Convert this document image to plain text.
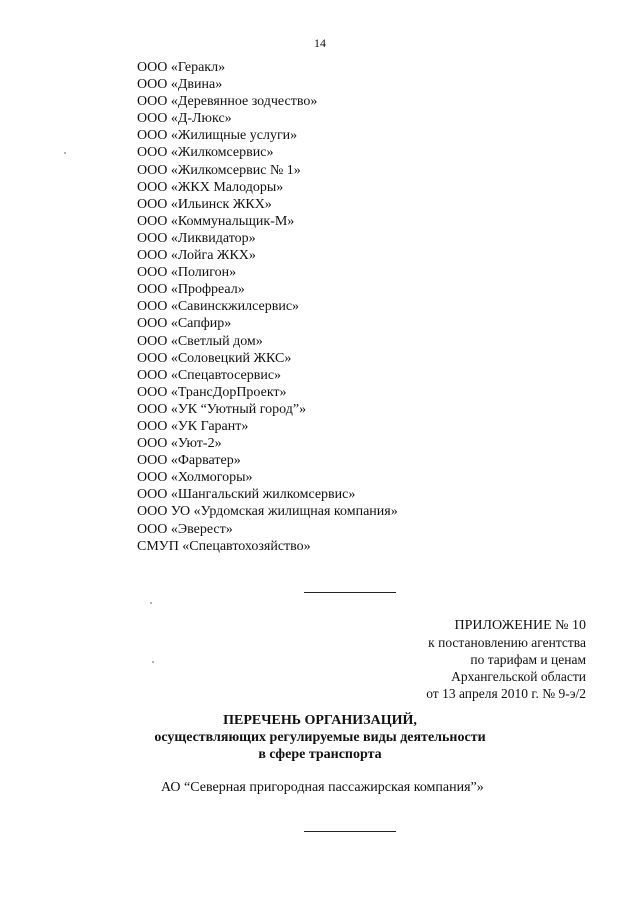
14
ООО «Геракл»
ООО «Двина»
ООО «Деревянное зодчество»
ООО «Д-Люкс»
ООО «Жилищные услуги»
ООО «Жилкомсервис»
ООО «Жилкомсервис № 1»
ООО «ЖКХ Малодоры»
ООО «Ильинск ЖКХ»
ООО «Коммунальщик-М»
ООО «Ликвидатор»
ООО «Лойга ЖКХ»
ООО «Полигон»
ООО «Профреал»
ООО «Савинскжилсервис»
ООО «Сапфир»
ООО «Светлый дом»
ООО «Соловецкий ЖКС»
ООО «Спецавтосервис»
ООО «ТрансДорПроект»
ООО «УК “Уютный город”»
ООО «УК Гарант»
ООО «Уют-2»
ООО «Фарватер»
ООО «Холмогоры»
ООО «Шангальский жилкомсервис»
ООО УО «Урдомская жилищная компания»
ООО «Эверест»
СМУП «Спецавтохозяйство»
ПРИЛОЖЕНИЕ № 10
к постановлению агентства
по тарифам и ценам
Архангельской области
от 13 апреля 2010 г. № 9-э/2
ПЕРЕЧЕНЬ ОРГАНИЗАЦИЙ,
осуществляющих регулируемые виды деятельности
в сфере транспорта
АО “Северная пригородная пассажирская компания”»
